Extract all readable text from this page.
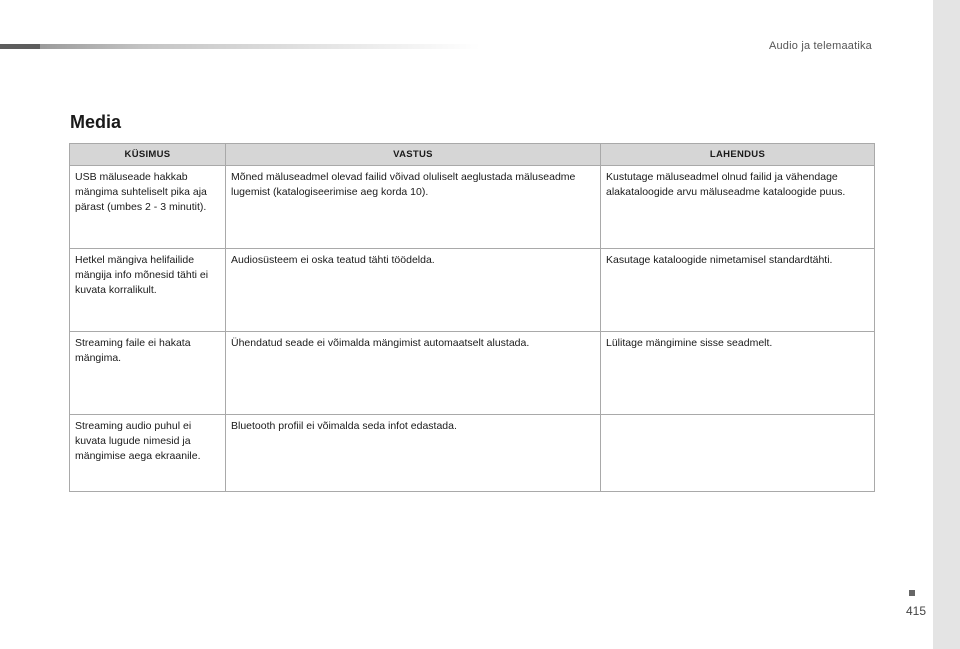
Audio ja telemaatika
Media
KÜSIMUS	VASTUS	LAHENDUS
USB mäluseade hakkab mängima suhteliselt pika aja pärast (umbes 2 - 3 minutit).	Mõned mäluseadmel olevad failid võivad oluliselt aeglustada mäluseadme lugemist (katalogiseerimise aeg korda 10).	Kustutage mäluseadmel olnud failid ja vähendage alakataloogide arvu mäluseadme kataloogide puus.
Hetkel mängiva helifailide mängija info mõnesid tähti ei kuvata korralikult.	Audiosüsteem ei oska teatud tähti töödelda.	Kasutage kataloogide nimetamisel standardtähti.
Streaming faile ei hakata mängima.	Ühendatud seade ei võimalda mängimist automaatselt alustada.	Lülitage mängimine sisse seadmelt.
Streaming audio puhul ei kuvata lugude nimesid ja mängimise aega ekraanile.	Bluetooth profiil ei võimalda seda infot edastada.	
415
